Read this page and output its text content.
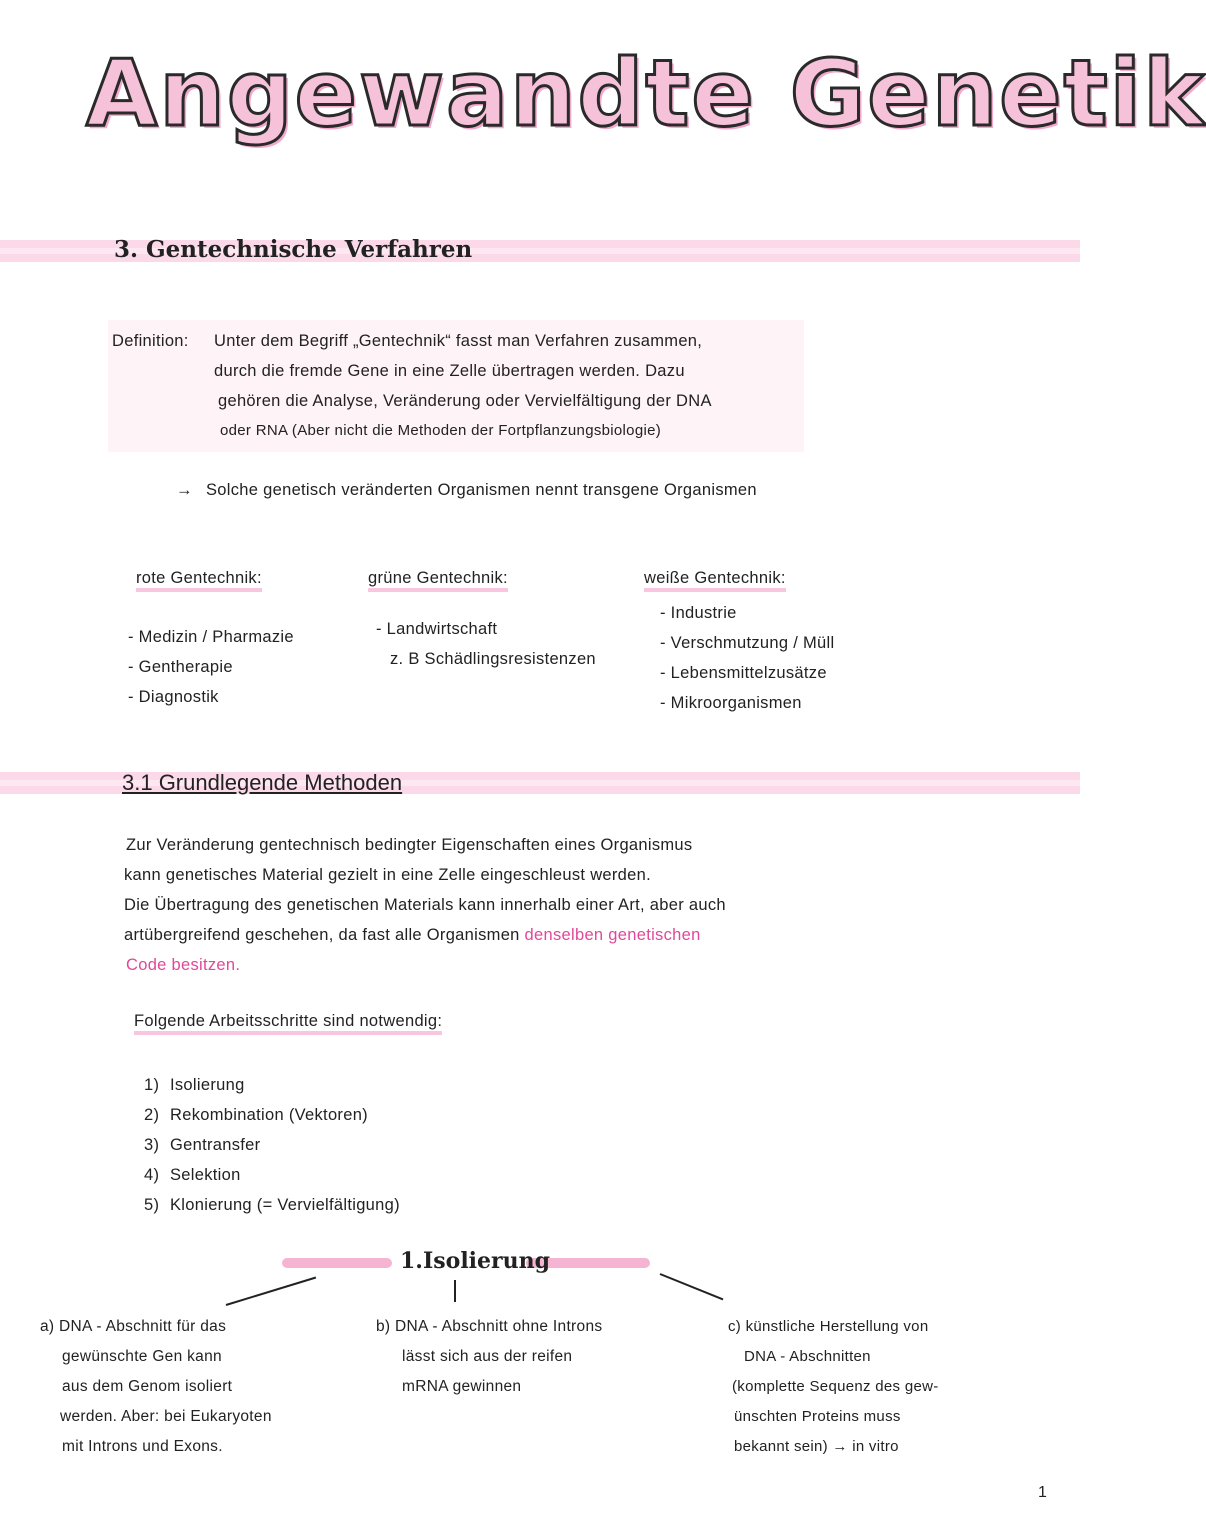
Angewandte Genetik
3. Gentechnische Verfahren
Definition: Unter dem Begriff „Gentechnik“ fasst man Verfahren zusammen,
durch die fremde Gene in eine Zelle übertragen werden. Dazu
gehören die Analyse, Veränderung oder Vervielfältigung der DNA
oder RNA (Aber nicht die Methoden der Fortpflanzungsbiologie)
→ Solche genetisch veränderten Organismen nennt transgene Organismen
rote Gentechnik:
- Medizin / Pharmazie
- Gentherapie
- Diagnostik
grüne Gentechnik:
- Landwirtschaft
z. B Schädlingsresistenzen
weiße Gentechnik:
- Industrie
- Verschmutzung / Müll
- Lebensmittelzusätze
- Mikroorganismen
3.1 Grundlegende Methoden
Zur Veränderung gentechnisch bedingter Eigenschaften eines Organismus
kann genetisches Material gezielt in eine Zelle eingeschleust werden.
Die Übertragung des genetischen Materials kann innerhalb einer Art, aber auch
artübergreifend geschehen, da fast alle Organismen denselben genetischen
Code besitzen.
Folgende Arbeitsschritte sind notwendig:
1) Isolierung
2) Rekombination (Vektoren)
3) Gentransfer
4) Selektion
5) Klonierung (= Vervielfältigung)
1.Isolierung
a) DNA - Abschnitt für das
gewünschte Gen kann
aus dem Genom isoliert
werden. Aber: bei Eukaryoten
mit Introns und Exons.
b) DNA - Abschnitt ohne Introns
lässt sich aus der reifen
mRNA gewinnen
c) künstliche Herstellung von
DNA - Abschnitten
(komplette Sequenz des gew-
ünschten Proteins muss
bekannt sein) → in vitro
1
